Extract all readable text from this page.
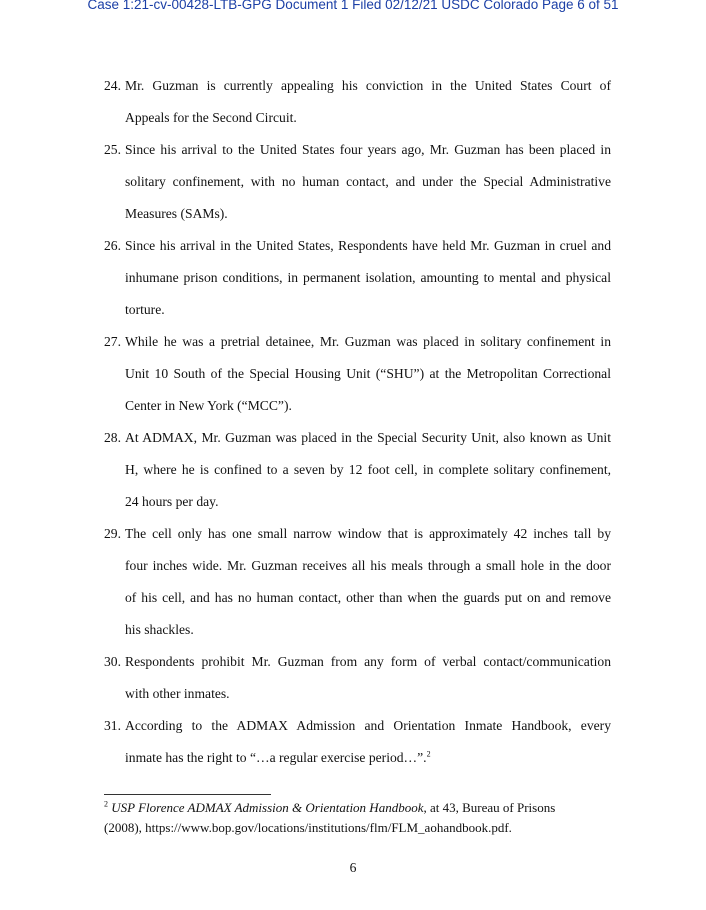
Case 1:21-cv-00428-LTB-GPG Document 1 Filed 02/12/21 USDC Colorado Page 6 of 51
24. Mr. Guzman is currently appealing his conviction in the United States Court of
Appeals for the Second Circuit.
25. Since his arrival to the United States four years ago, Mr. Guzman has been placed in
solitary confinement, with no human contact, and under the Special Administrative
Measures (SAMs).
26. Since his arrival in the United States, Respondents have held Mr. Guzman in cruel and
inhumane prison conditions, in permanent isolation, amounting to mental and physical
torture.
27. While he was a pretrial detainee, Mr. Guzman was placed in solitary confinement in
Unit 10 South of the Special Housing Unit (“SHU”) at the Metropolitan Correctional
Center in New York (“MCC”).
28. At ADMAX, Mr. Guzman was placed in the Special Security Unit, also known as Unit
H, where he is confined to a seven by 12 foot cell, in complete solitary confinement,
24 hours per day.
29. The cell only has one small narrow window that is approximately 42 inches tall by
four inches wide. Mr. Guzman receives all his meals through a small hole in the door
of his cell, and has no human contact, other than when the guards put on and remove
his shackles.
30. Respondents prohibit Mr. Guzman from any form of verbal contact/communication
with other inmates.
31. According to the ADMAX Admission and Orientation Inmate Handbook, every
inmate has the right to “…a regular exercise period…”.$^2$
$^2$ USP Florence ADMAX Admission & Orientation Handbook, at 43, Bureau of Prisons
(2008), https://www.bop.gov/locations/institutions/flm/FLM_aohandbook.pdf.
6
